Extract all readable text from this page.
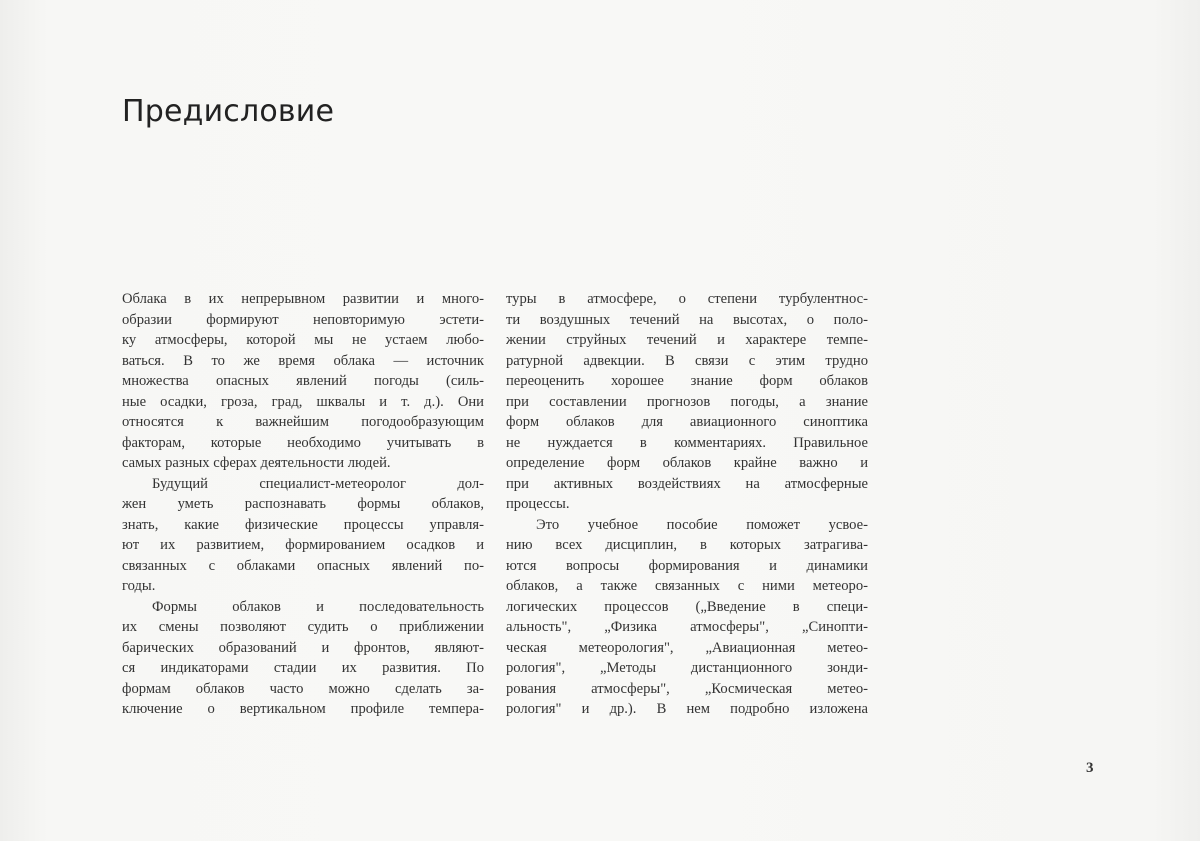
Предисловие
Облака в их непрерывном развитии и много-
образии формируют неповторимую эстети-
ку атмосферы, которой мы не устаем любо-
ваться. В то же время облака — источник
множества опасных явлений погоды (силь-
ные осадки, гроза, град, шквалы и т. д.). Они
относятся к важнейшим погодообразующим
факторам, которые необходимо учитывать в
самых разных сферах деятельности людей.
Будущий специалист-метеоролог дол-
жен уметь распознавать формы облаков,
знать, какие физические процессы управля-
ют их развитием, формированием осадков и
связанных с облаками опасных явлений по-
годы.
Формы облаков и последовательность
их смены позволяют судить о приближении
барических образований и фронтов, являют-
ся индикаторами стадии их развития. По
формам облаков часто можно сделать за-
ключение о вертикальном профиле темпера-
туры в атмосфере, о степени турбулентнос-
ти воздушных течений на высотах, о поло-
жении струйных течений и характере темпе-
ратурной адвекции. В связи с этим трудно
переоценить хорошее знание форм облаков
при составлении прогнозов погоды, а знание
форм облаков для авиационного синоптика
не нуждается в комментариях. Правильное
определение форм облаков крайне важно и
при активных воздействиях на атмосферные
процессы.
Это учебное пособие поможет усвое-
нию всех дисциплин, в которых затрагива-
ются вопросы формирования и динамики
облаков, а также связанных с ними метеоро-
логических процессов („Введение в специ-
альность", „Физика атмосферы", „Синопти-
ческая метеорология", „Авиационная метео-
рология", „Методы дистанционного зонди-
рования атмосферы", „Космическая метео-
рология" и др.). В нем подробно изложена
3
